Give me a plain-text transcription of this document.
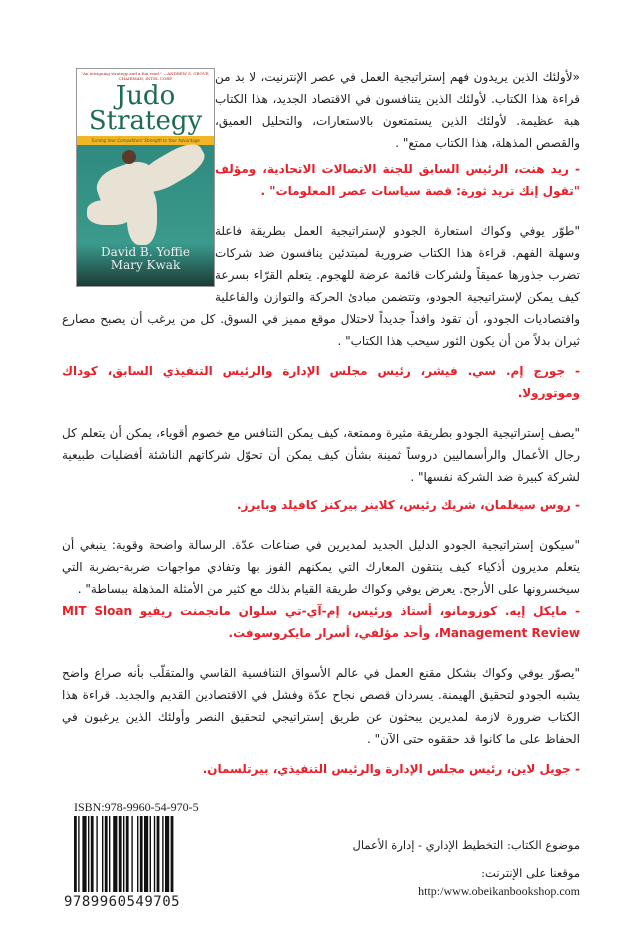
"An intriguing strategy and a fun read." —ANDREW S. GROVE, CHAIRMAN, INTEL CORP.
Judo
Strategy
Turning Your Competitors' Strength to Your Advantage
David B. Yoffie
Mary Kwak

«لأولئك الذين يريدون فهم إستراتيجية العمل في عصر الإنترنيت، لا بد من قراءة هذا الكتاب. لأولئك الذين يتنافسون في الاقتصاد الجديد، هذا الكتاب هبة عظيمة. لأولئك الذين يستمتعون بالاستعارات، والتحليل العميق، والقصص المذهلة، هذا الكتاب ممتع" .

- ريد هنت، الرئيس السابق للجنة الاتصالات الاتحادية، ومؤلف "تقول إنك تريد ثورة: قصة سياسات عصر المعلومات" .

"طوّر يوفي وكواك استعارة الجودو لإستراتيجية العمل بطريقة فاعلة وسهلة الفهم. قراءة هذا الكتاب ضرورية لمبتدئين ينافسون ضد شركات تضرب جذورها عميقاً ولشركات قائمة عرضة للهجوم. يتعلم القرّاء بسرعة كيف يمكن لإستراتيجية الجودو، وتتضمن مبادئ الحركة والتوازن والفاعلية واقتصاديات الجودو، أن تقود وافداً جديداً لاحتلال موقع مميز في السوق. كل من يرغب أن يصبح مصارع ثيران بدلاً من أن يكون الثور سيحب هذا الكتاب" .

- جورج إم. سي. فيشر، رئيس مجلس الإدارة والرئيس التنفيذي السابق، كوداك وموتورولا.

"يصف إستراتيجية الجودو بطريقة مثيرة وممتعة، كيف يمكن التنافس مع خصوم أقوياء، يمكن أن يتعلم كل رجال الأعمال والرأسماليين دروساً ثمينة بشأن كيف يمكن أن تحوّل شركاتهم الناشئة أفضليات طبيعية لشركة كبيرة ضد الشركة نفسها" .

- روس سيغلمان، شريك رئيس، كلاينر بيركنز كافيلد وبايرز.

"سيكون إستراتيجية الجودو الدليل الجديد لمديرين في صناعات عدّة. الرسالة واضحة وقوية: ينبغي أن يتعلم مديرون أذكياء كيف ينتقون المعارك التي يمكنهم الفوز بها وتفادي مواجهات ضربة-بضربة التي سيخسرونها على الأرجح. يعرض يوفي وكواك طريقة القيام بذلك مع كثير من الأمثلة المذهلة ببساطة" .

- مايكل إيه. كوزومانو، أستاذ ورئيس، إم-آي-تي سلوان مانجمنت ريفيو MIT Sloan Management Review، وأحد مؤلفي، أسرار مايكروسوفت.

"يصوّر يوفي وكواك بشكل مقنع العمل في عالم الأسواق التنافسية القاسي والمتقلّب بأنه صراع واضح يشبه الجودو لتحقيق الهيمنة. يسردان قصص نجاح عدّة وفشل في الاقتصادين القديم والجديد. قراءة هذا الكتاب ضرورة لازمة لمديرين يبحثون عن طريق إستراتيجي لتحقيق النصر وأولئك الذين يرغبون في الحفاظ على ما كانوا قد حققوه حتى الآن" .

- جويل لاين، رئيس مجلس الإدارة والرئيس التنفيذي، بيرتلسمان.

ISBN:978-9960-54-970-5
9789960549705
موضوع الكتاب: التخطيط الإداري - إدارة الأعمال
موقعنا على الإنترنت:
http:/www.obeikanbookshop.com
